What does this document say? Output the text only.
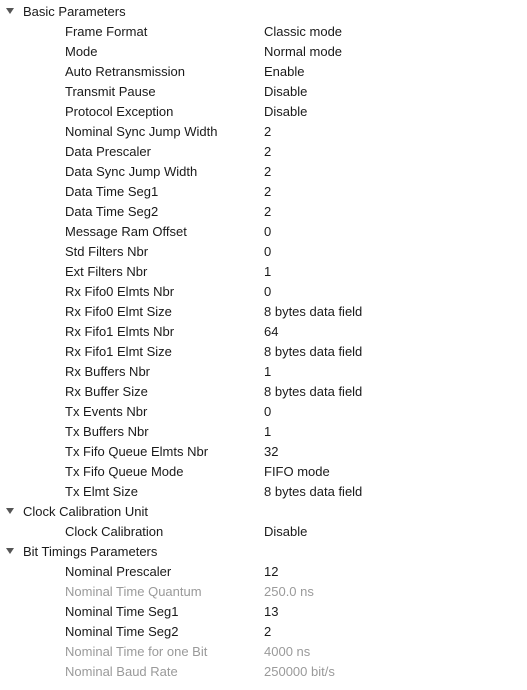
Basic Parameters
Frame Format	Classic mode
Mode	Normal mode
Auto Retransmission	Enable
Transmit Pause	Disable
Protocol Exception	Disable
Nominal Sync Jump Width	2
Data Prescaler	2
Data Sync Jump Width	2
Data Time Seg1	2
Data Time Seg2	2
Message Ram Offset	0
Std Filters Nbr	0
Ext Filters Nbr	1
Rx Fifo0 Elmts Nbr	0
Rx Fifo0 Elmt Size	8 bytes data field
Rx Fifo1 Elmts Nbr	64
Rx Fifo1 Elmt Size	8 bytes data field
Rx Buffers Nbr	1
Rx Buffer Size	8 bytes data field
Tx Events Nbr	0
Tx Buffers Nbr	1
Tx Fifo Queue Elmts Nbr	32
Tx Fifo Queue Mode	FIFO mode
Tx Elmt Size	8 bytes data field
Clock Calibration Unit
Clock Calibration	Disable
Bit Timings Parameters
Nominal Prescaler	12
Nominal Time Quantum	250.0 ns
Nominal Time Seg1	13
Nominal Time Seg2	2
Nominal Time for one Bit	4000 ns
Nominal Baud Rate	250000 bit/s
